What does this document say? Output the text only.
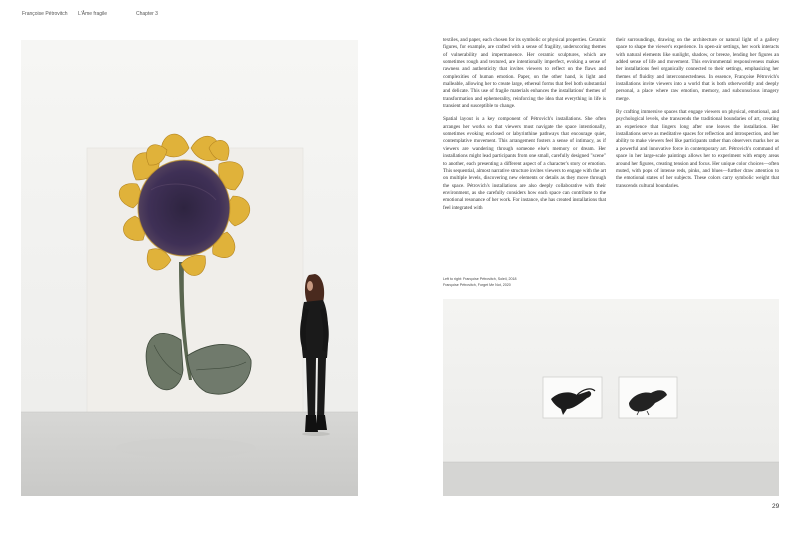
Françoise Pétrovitch L'Âme fragile	Chapter 3

textiles, and paper, each chosen for its symbolic or physical properties. Ceramic figures, for example, are crafted with a sense of fragility, underscoring themes of vulnerability and impermanence. Her ceramic sculptures, which are sometimes rough and textured, are intentionally imperfect, evoking a sense of rawness and authenticity that invites viewers to reflect on the flaws and complexities of human emotion. Paper, on the other hand, is light and malleable, allowing her to create large, ethereal forms that feel both substantial and delicate. This use of fragile materials enhances the installations' themes of transformation and ephemerality, reinforcing the idea that everything in life is transient and susceptible to change.

Spatial layout is a key component of Pétrovich's installations. She often arranges her works so that viewers must navigate the space intentionally, sometimes evoking enclosed or labyrinthine pathways that encourage quiet, contemplative movement. This arrangement fosters a sense of intimacy, as if viewers are wandering through someone else's memory or dream. Her installations might lead participants from one small, carefully designed "scene" to another, each presenting a different aspect of a character's story or emotion. This sequential, almost narrative structure invites viewers to engage with the art on multiple levels, discovering new elements or details as they move through the space. Pétrovich's installations are also deeply collaborative with their environment, as she carefully considers how each space can contribute to the emotional resonance of her work. For instance, she has created installations that feel integrated with

their surroundings, drawing on the architecture or natural light of a gallery space to shape the viewer's experience. In open-air settings, her work interacts with natural elements like sunlight, shadow, or breeze, lending her figures an added sense of life and movement. This environmental responsiveness makes her installations feel organically connected to their settings, emphasizing her themes of fluidity and interconnectedness. In essence, Françoise Pétrovich's installations invite viewers into a world that is both otherworldly and deeply personal, a place where raw emotion, memory, and subconscious imagery merge.

By crafting immersive spaces that engage viewers on physical, emotional, and psychological levels, she transcends the traditional boundaries of art, creating an experience that lingers long after one leaves the installation. Her installations serve as meditative spaces for reflection and introspection, and her ability to make viewers feel like participants rather than observers marks her as a powerful and innovative force in contemporary art. Pétrovich's command of space in her large-scale paintings allows her to experiment with empty areas around her figures, creating tension and focus. Her unique color choices—often muted, with pops of intense reds, pinks, and blues—further draw attention to the emotional states of her subjects. These colors carry symbolic weight that transcends cultural boundaries.

Left to right: Françoise Pétrovitch, Soleil, 2018
Françoise Pétrovitch, Forget Me Not, 2020
29
